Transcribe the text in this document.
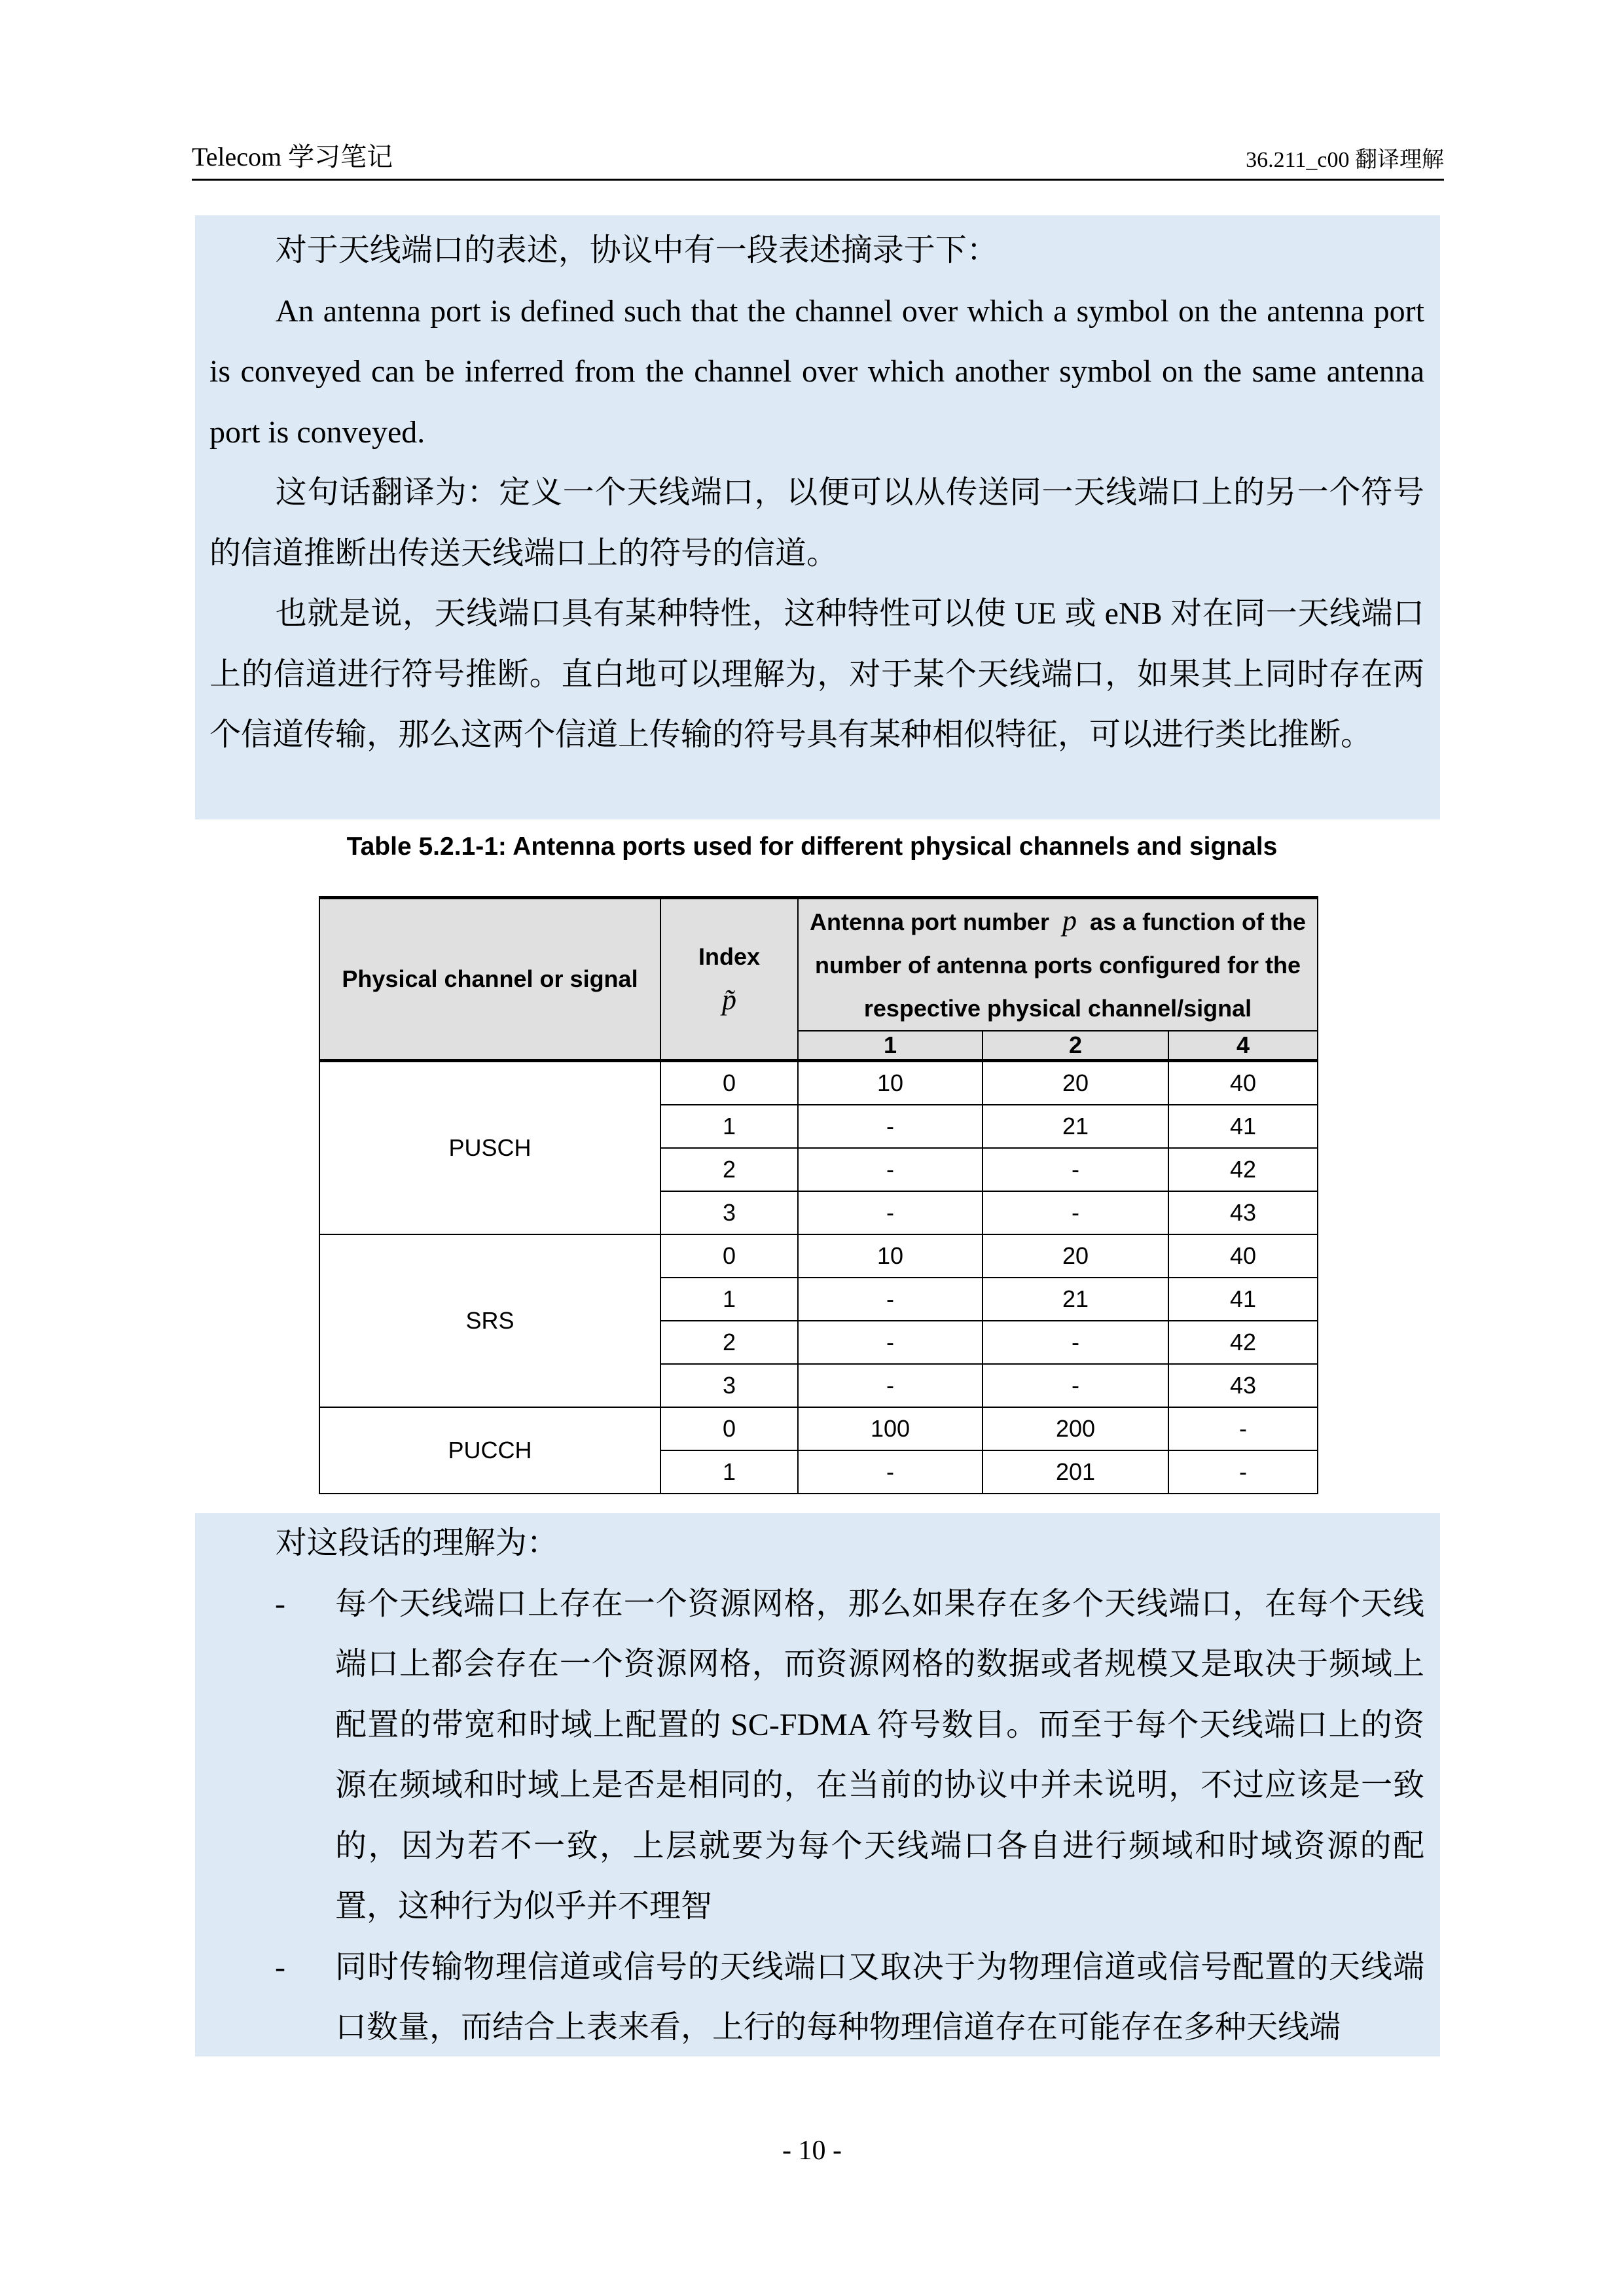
Telecom 学习笔记	36.211_c00 翻译理解

对于天线端口的表述，协议中有一段表述摘录于下：

An antenna port is defined such that the channel over which a symbol on the antenna port is conveyed can be inferred from the channel over which another symbol on the same antenna port is conveyed.

这句话翻译为：定义一个天线端口，以便可以从传送同一天线端口上的另一个符号的信道推断出传送天线端口上的符号的信道。

也就是说，天线端口具有某种特性，这种特性可以使 UE 或 eNB 对在同一天线端口上的信道进行符号推断。直白地可以理解为，对于某个天线端口，如果其上同时存在两个信道传输，那么这两个信道上传输的符号具有某种相似特征，可以进行类比推断。

Table 5.2.1-1: Antenna ports used for different physical channels and signals
Physical channel or signal	Index
p̃	Antenna port number p as a function of the number of antenna ports configured for the respective physical channel/signal		
		1	2	4
PUSCH	0	10	20	40
	1	-	21	41
	2	-	-	42
	3	-	-	43
SRS	0	10	20	40
	1	-	21	41
	2	-	-	42
	3	-	-	43
PUCCH	0	100	200	-
	1	-	201	-

对这段话的理解为：

- 每个天线端口上存在一个资源网格，那么如果存在多个天线端口，在每个天线端口上都会存在一个资源网格，而资源网格的数据或者规模又是取决于频域上配置的带宽和时域上配置的 SC-FDMA 符号数目。而至于每个天线端口上的资源在频域和时域上是否是相同的，在当前的协议中并未说明，不过应该是一致的，因为若不一致，上层就要为每个天线端口各自进行频域和时域资源的配置，这种行为似乎并不理智

- 同时传输物理信道或信号的天线端口又取决于为物理信道或信号配置的天线端口数量，而结合上表来看，上行的每种物理信道存在可能存在多种天线端

- 10 -
